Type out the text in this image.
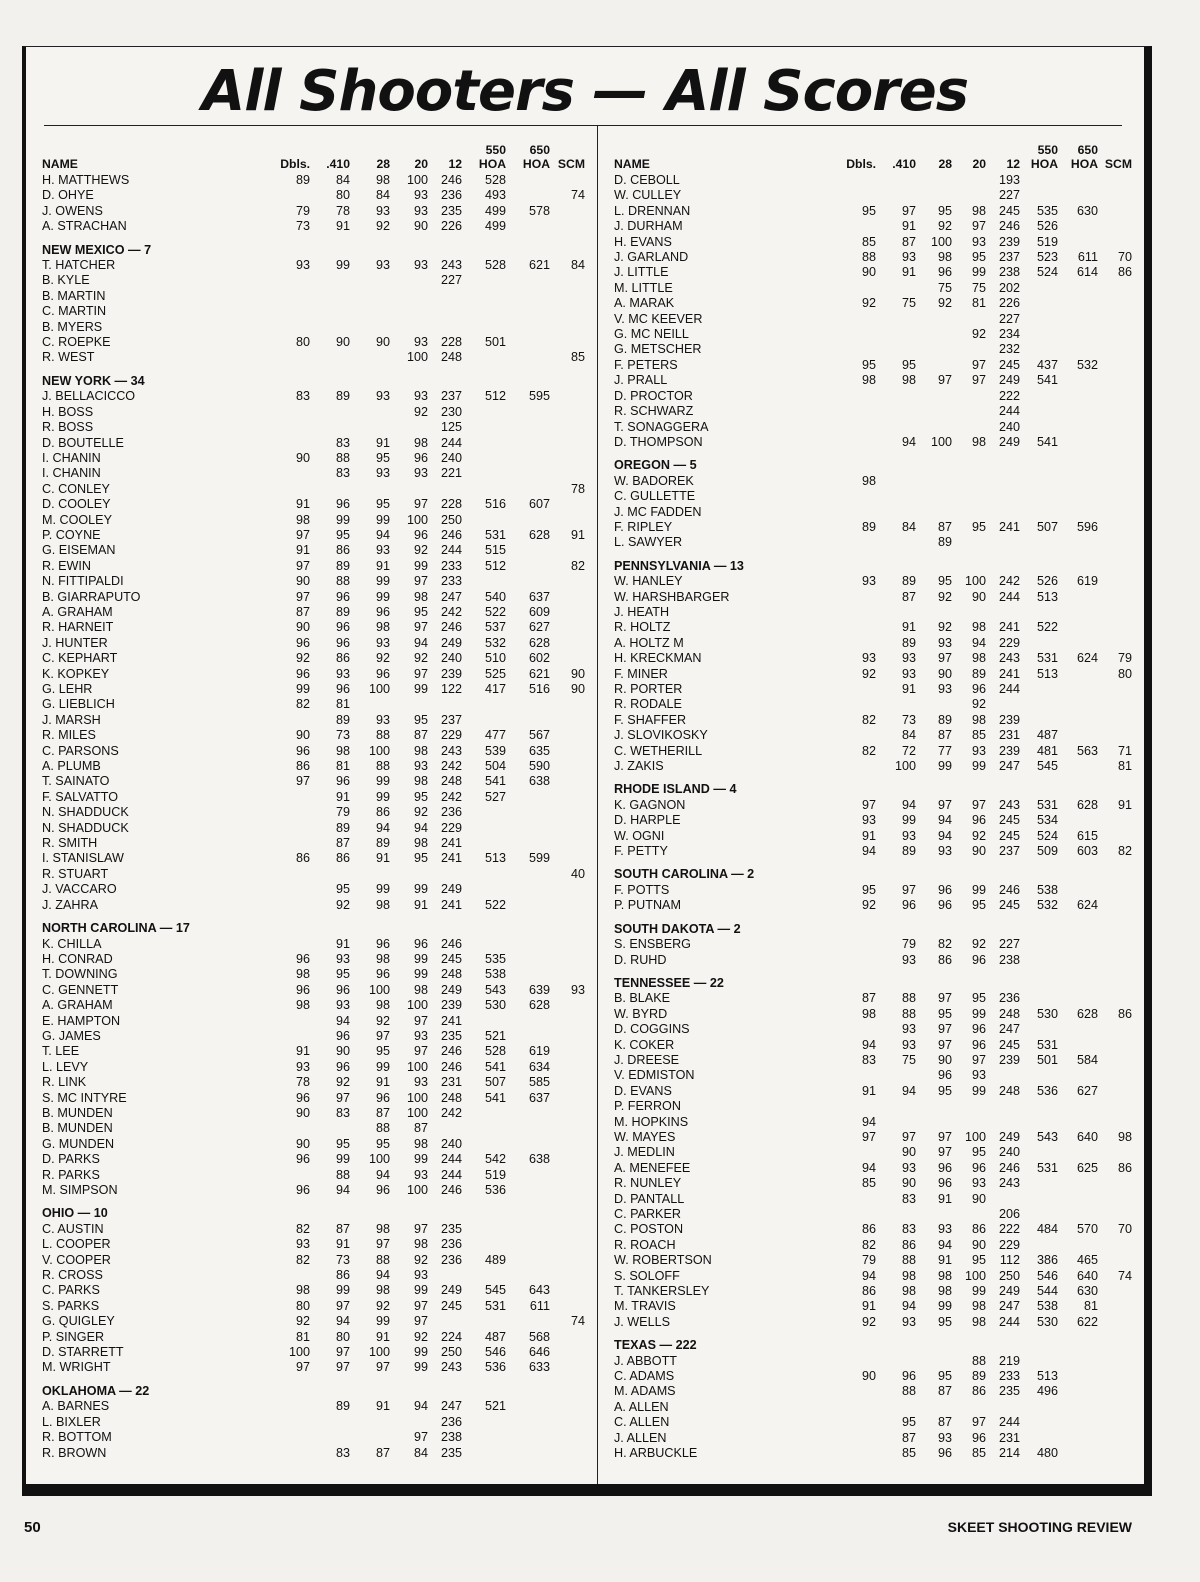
All Shooters — All Scores
NAME	Dbls.	.410	28	20	12	550
HOA	650
HOA	SCM
H. MATTHEWS	89	84	98	100	246	528		
D. OHYE		80	84	93	236	493		74
J. OWENS	79	78	93	93	235	499	578	
A. STRACHAN	73	91	92	90	226	499		
NEW MEXICO — 7								
T. HATCHER	93	99	93	93	243	528	621	84
B. KYLE					227			
B. MARTIN								
C. MARTIN								
B. MYERS								
C. ROEPKE	80	90	90	93	228	501		
R. WEST				100	248			85
NEW YORK — 34								
J. BELLACICCO	83	89	93	93	237	512	595	
H. BOSS				92	230			
R. BOSS					125			
D. BOUTELLE		83	91	98	244			
I. CHANIN	90	88	95	96	240			
I. CHANIN		83	93	93	221			
C. CONLEY								78
D. COOLEY	91	96	95	97	228	516	607	
M. COOLEY	98	99	99	100	250			
P. COYNE	97	95	94	96	246	531	628	91
G. EISEMAN	91	86	93	92	244	515		
R. EWIN	97	89	91	99	233	512		82
N. FITTIPALDI	90	88	99	97	233			
B. GIARRAPUTO	97	96	99	98	247	540	637	
A. GRAHAM	87	89	96	95	242	522	609	
R. HARNEIT	90	96	98	97	246	537	627	
J. HUNTER	96	96	93	94	249	532	628	
C. KEPHART	92	86	92	92	240	510	602	
K. KOPKEY	96	93	96	97	239	525	621	90
G. LEHR	99	96	100	99	122	417	516	90
G. LIEBLICH	82	81						
J. MARSH		89	93	95	237			
R. MILES	90	73	88	87	229	477	567	
C. PARSONS	96	98	100	98	243	539	635	
A. PLUMB	86	81	88	93	242	504	590	
T. SAINATO	97	96	99	98	248	541	638	
F. SALVATTO		91	99	95	242	527		
N. SHADDUCK		79	86	92	236			
N. SHADDUCK		89	94	94	229			
R. SMITH		87	89	98	241			
I. STANISLAW	86	86	91	95	241	513	599	
R. STUART								40
J. VACCARO		95	99	99	249			
J. ZAHRA		92	98	91	241	522		
NORTH CAROLINA — 17								
K. CHILLA		91	96	96	246			
H. CONRAD	96	93	98	99	245	535		
T. DOWNING	98	95	96	99	248	538		
C. GENNETT	96	96	100	98	249	543	639	93
A. GRAHAM	98	93	98	100	239	530	628	
E. HAMPTON		94	92	97	241			
G. JAMES		96	97	93	235	521		
T. LEE	91	90	95	97	246	528	619	
L. LEVY	93	96	99	100	246	541	634	
R. LINK	78	92	91	93	231	507	585	
S. MC INTYRE	96	97	96	100	248	541	637	
B. MUNDEN	90	83	87	100	242			
B. MUNDEN			88	87				
G. MUNDEN	90	95	95	98	240			
D. PARKS	96	99	100	99	244	542	638	
R. PARKS		88	94	93	244	519		
M. SIMPSON	96	94	96	100	246	536		
OHIO — 10								
C. AUSTIN	82	87	98	97	235			
L. COOPER	93	91	97	98	236			
V. COOPER	82	73	88	92	236	489		
R. CROSS		86	94	93				
C. PARKS	98	99	98	99	249	545	643	
S. PARKS	80	97	92	97	245	531	611	
G. QUIGLEY	92	94	99	97				74
P. SINGER	81	80	91	92	224	487	568	
D. STARRETT	100	97	100	99	250	546	646	
M. WRIGHT	97	97	97	99	243	536	633	
OKLAHOMA — 22								
A. BARNES		89	91	94	247	521		
L. BIXLER					236			
R. BOTTOM				97	238			
R. BROWN		83	87	84	235			
NAME	Dbls.	.410	28	20	12	550
HOA	650
HOA	SCM
D. CEBOLL					193			
W. CULLEY					227			
L. DRENNAN	95	97	95	98	245	535	630	
J. DURHAM		91	92	97	246	526		
H. EVANS	85	87	100	93	239	519		
J. GARLAND	88	93	98	95	237	523	611	70
J. LITTLE	90	91	96	99	238	524	614	86
M. LITTLE			75	75	202			
A. MARAK	92	75	92	81	226			
V. MC KEEVER					227			
G. MC NEILL				92	234			
G. METSCHER					232			
F. PETERS	95	95		97	245	437	532	
J. PRALL	98	98	97	97	249	541		
D. PROCTOR					222			
R. SCHWARZ					244			
T. SONAGGERA					240			
D. THOMPSON		94	100	98	249	541		
OREGON — 5								
W. BADOREK	98							
C. GULLETTE								
J. MC FADDEN								
F. RIPLEY	89	84	87	95	241	507	596	
L. SAWYER			89					
PENNSYLVANIA — 13								
W. HANLEY	93	89	95	100	242	526	619	
W. HARSHBARGER		87	92	90	244	513		
J. HEATH								
R. HOLTZ		91	92	98	241	522		
A. HOLTZ M		89	93	94	229			
H. KRECKMAN	93	93	97	98	243	531	624	79
F. MINER	92	93	90	89	241	513		80
R. PORTER		91	93	96	244			
R. RODALE				92				
F. SHAFFER	82	73	89	98	239			
J. SLOVIKOSKY		84	87	85	231	487		
C. WETHERILL	82	72	77	93	239	481	563	71
J. ZAKIS		100	99	99	247	545		81
RHODE ISLAND — 4								
K. GAGNON	97	94	97	97	243	531	628	91
D. HARPLE	93	99	94	96	245	534		
W. OGNI	91	93	94	92	245	524	615	
F. PETTY	94	89	93	90	237	509	603	82
SOUTH CAROLINA — 2								
F. POTTS	95	97	96	99	246	538		
P. PUTNAM	92	96	96	95	245	532	624	
SOUTH DAKOTA — 2								
S. ENSBERG		79	82	92	227			
D. RUHD		93	86	96	238			
TENNESSEE — 22								
B. BLAKE	87	88	97	95	236			
W. BYRD	98	88	95	99	248	530	628	86
D. COGGINS		93	97	96	247			
K. COKER	94	93	97	96	245	531		
J. DREESE	83	75	90	97	239	501	584	
V. EDMISTON			96	93				
D. EVANS	91	94	95	99	248	536	627	
P. FERRON								
M. HOPKINS	94							
W. MAYES	97	97	97	100	249	543	640	98
J. MEDLIN		90	97	95	240			
A. MENEFEE	94	93	96	96	246	531	625	86
R. NUNLEY	85	90	96	93	243			
D. PANTALL		83	91	90				
C. PARKER					206			
C. POSTON	86	83	93	86	222	484	570	70
R. ROACH	82	86	94	90	229			
W. ROBERTSON	79	88	91	95	112	386	465	
S. SOLOFF	94	98	98	100	250	546	640	74
T. TANKERSLEY	86	98	98	99	249	544	630	
M. TRAVIS	91	94	99	98	247	538	81	
J. WELLS	92	93	95	98	244	530	622	
TEXAS — 222								
J. ABBOTT				88	219			
C. ADAMS	90	96	95	89	233	513		
M. ADAMS		88	87	86	235	496		
A. ALLEN								
C. ALLEN		95	87	97	244			
J. ALLEN		87	93	96	231			
H. ARBUCKLE		85	96	85	214	480		
50	SKEET SHOOTING REVIEW
